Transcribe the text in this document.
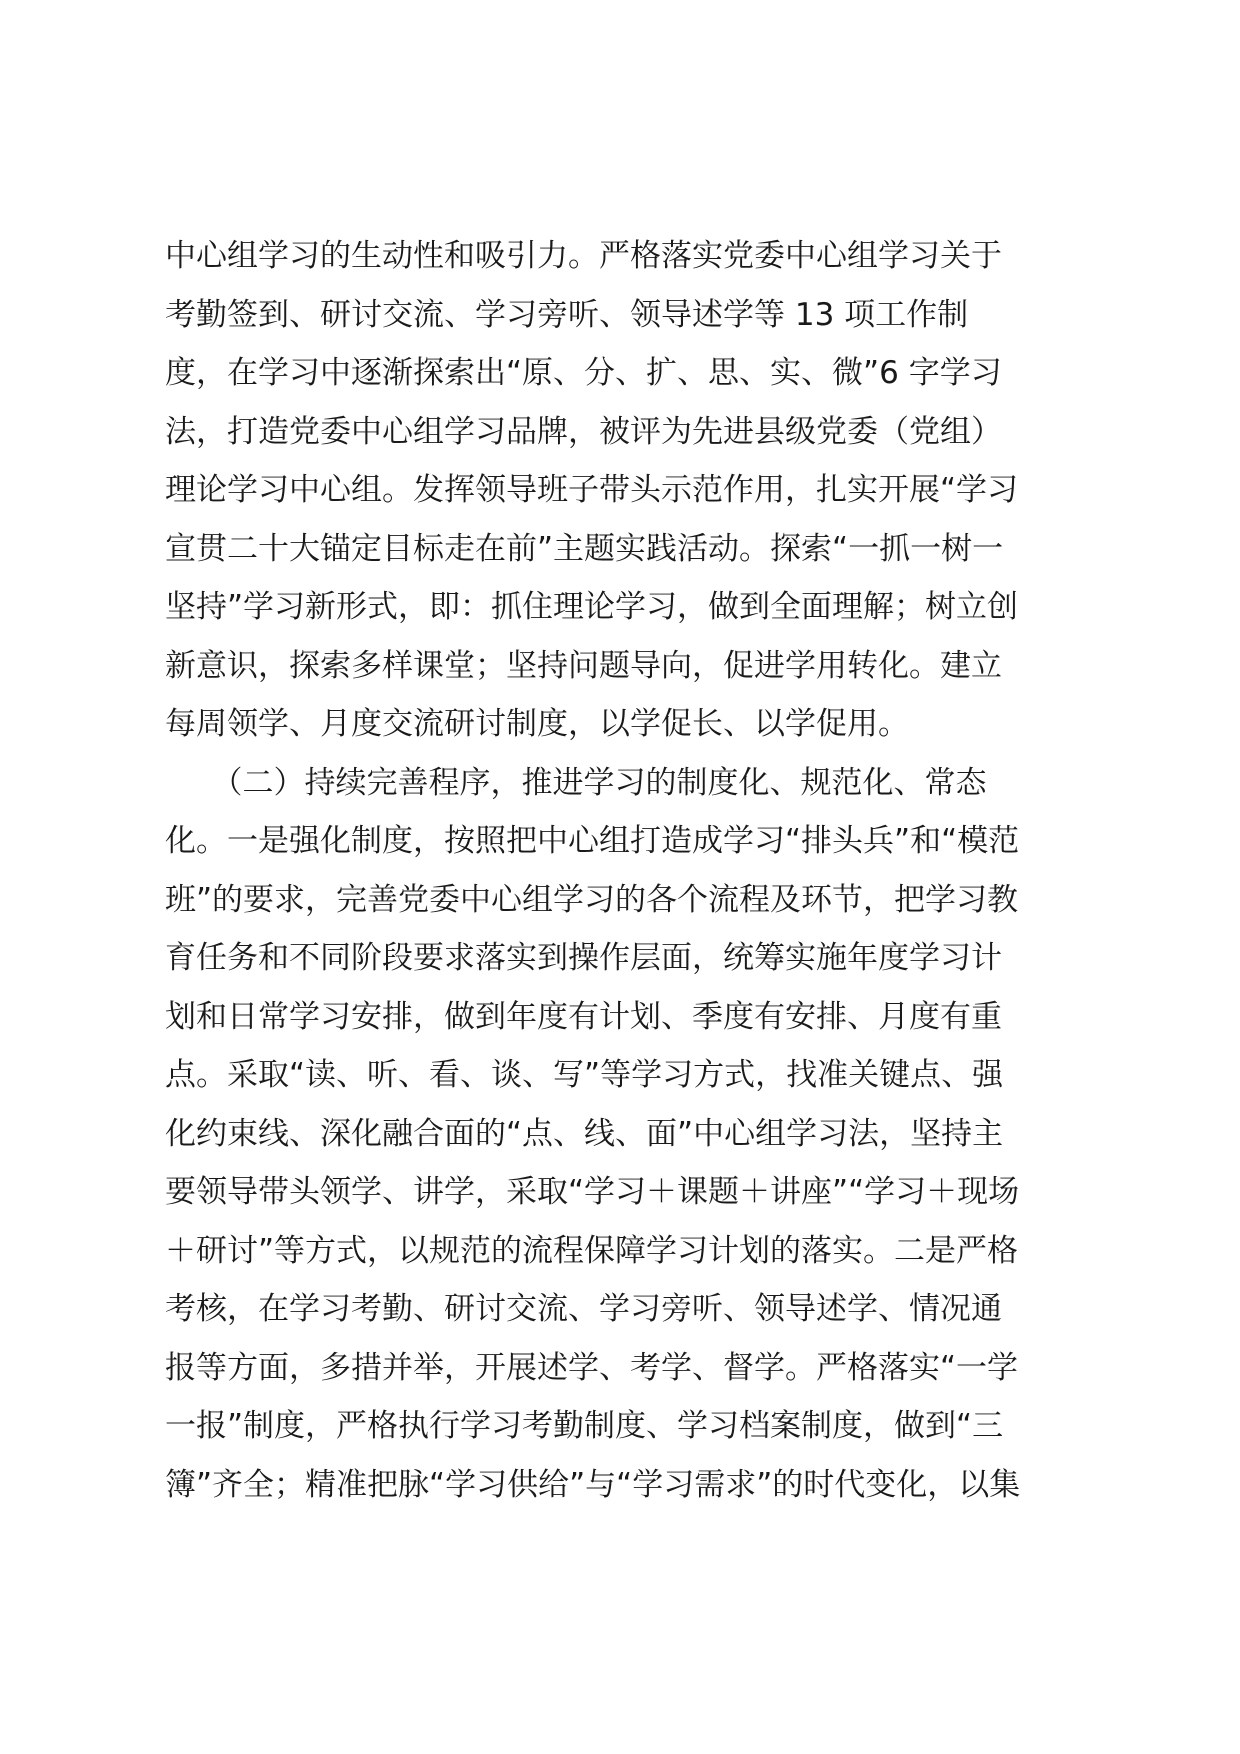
中心组学习的生动性和吸引力。严格落实党委中心组学习关于
考勤签到、研讨交流、学习旁听、领导述学等 13 项工作制
度，在学习中逐渐探索出“原、分、扩、思、实、微”6 字学习
法，打造党委中心组学习品牌，被评为先进县级党委（党组）
理论学习中心组。发挥领导班子带头示范作用，扎实开展“学习
宣贯二十大锚定目标走在前”主题实践活动。探索“一抓一树一
坚持”学习新形式，即：抓住理论学习，做到全面理解；树立创
新意识，探索多样课堂；坚持问题导向，促进学用转化。建立
每周领学、月度交流研讨制度，以学促长、以学促用。
　　（二）持续完善程序，推进学习的制度化、规范化、常态
化。一是强化制度，按照把中心组打造成学习“排头兵”和“模范
班”的要求，完善党委中心组学习的各个流程及环节，把学习教
育任务和不同阶段要求落实到操作层面，统筹实施年度学习计
划和日常学习安排，做到年度有计划、季度有安排、月度有重
点。采取“读、听、看、谈、写”等学习方式，找准关键点、强
化约束线、深化融合面的“点、线、面”中心组学习法，坚持主
要领导带头领学、讲学，采取“学习＋课题＋讲座”“学习＋现场
＋研讨”等方式，以规范的流程保障学习计划的落实。二是严格
考核，在学习考勤、研讨交流、学习旁听、领导述学、情况通
报等方面，多措并举，开展述学、考学、督学。严格落实“一学
一报”制度，严格执行学习考勤制度、学习档案制度，做到“三
簿”齐全；精准把脉“学习供给”与“学习需求”的时代变化，以集
